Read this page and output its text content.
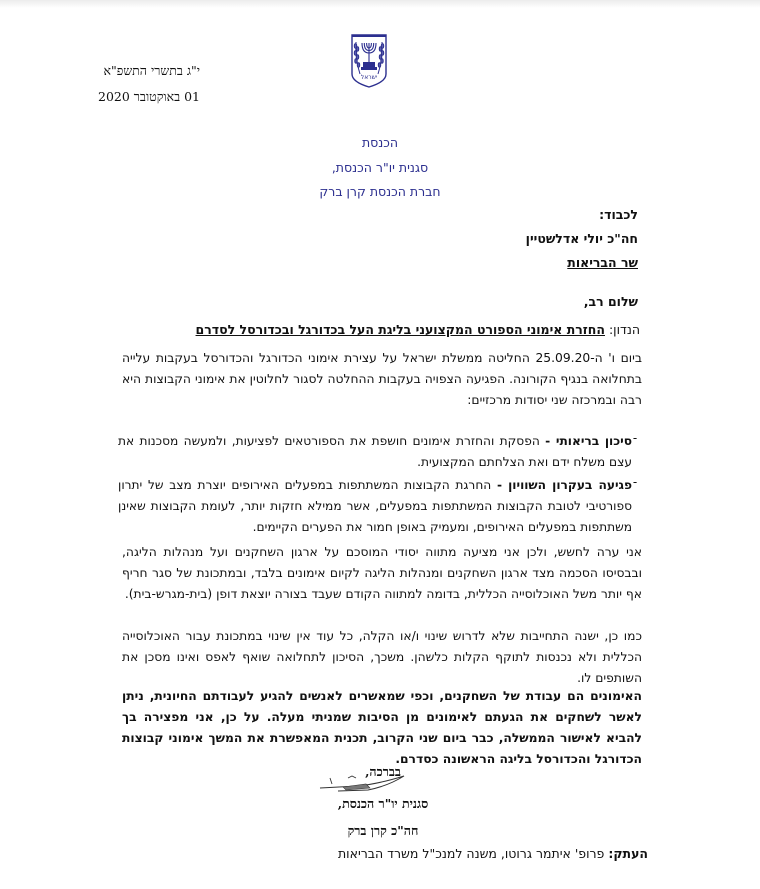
י"ג בתשרי התשפ"א
01 באוקטובר 2020
ישראל
הכנסת
סגנית יו"ר הכנסת,
חברת הכנסת קרן ברק
לכבוד:
חה"כ יולי אדלשטיין
שר הבריאות
שלום רב,
הנדון: החזרת אימוני הספורט המקצועני בליגת העל בכדורגל ובכדורסל לסדרם
ביום ו' ה-25.09.20 החליטה ממשלת ישראל על עצירת אימוני הכדורגל והכדורסל בעקבות עלייה בתחלואה בנגיף הקורונה. הפגיעה הצפויה בעקבות ההחלטה לסגור לחלוטין את אימוני הקבוצות היא רבה ובמרכזה שני יסודות מרכזיים:
-
סיכון בריאותי - הפסקת והחזרת אימונים חושפת את הספורטאים לפציעות, ולמעשה מסכנות את עצם משלח ידם ואת הצלחתם המקצועית.
-
פגיעה בעקרון השוויון - החרגת הקבוצות המשתתפות במפעלים האירופים יוצרת מצב של יתרון ספורטיבי לטובת הקבוצות המשתתפות במפעלים, אשר ממילא חזקות יותר, לעומת הקבוצות שאינן משתתפות במפעלים האירופים, ומעמיק באופן חמור את הפערים הקיימים.
אני ערה לחשש, ולכן אני מציעה מתווה יסודי המוסכם על ארגון השחקנים ועל מנהלות הליגה, ובבסיסו הסכמה מצד ארגון השחקנים ומנהלות הליגה לקיום אימונים בלבד, ובמתכונת של סגר חריף אף יותר משל האוכלוסייה הכללית, בדומה למתווה הקודם שעבד בצורה יוצאת דופן (בית-מגרש-בית).
כמו כן, ישנה התחייבות שלא לדרוש שינוי ו/או הקלה, כל עוד אין שינוי במתכונת עבור האוכלוסייה הכללית ולא נכנסות לתוקף הקלות כלשהן. משכך, הסיכון לתחלואה שואף לאפס ואינו מסכן את השותפים לו.
האימונים הם עבודת של השחקנים, וכפי שמאשרים לאנשים להגיע לעבודתם החיונית, ניתן לאשר לשחקים את הגעתם לאימונים מן הסיבות שמניתי מעלה. על כן, אני מפצירה בך להביא לאישור הממשלה, כבר ביום שני הקרוב, תכנית המאפשרת את המשך אימוני קבוצות הכדורגל והכדורסל בליגה הראשונה כסדרם.
בברכה,
סגנית יו"ר הכנסת,
חה"כ קרן ברק
העתק: פרופ' איתמר גרוטו, משנה למנכ"ל משרד הבריאות
